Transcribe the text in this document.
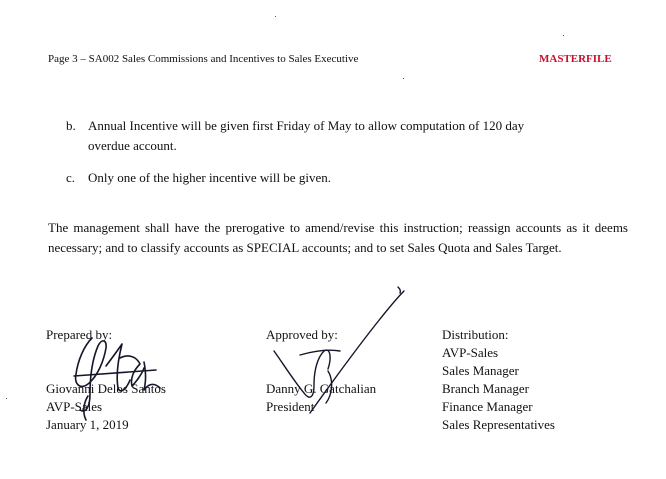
Page 3 – SA002 Sales Commissions and Incentives to Sales Executive	MASTERFILE
b. Annual Incentive will be given first Friday of May to allow computation of 120 day
overdue account.
c. Only one of the higher incentive will be given.
The management shall have the prerogative to amend/revise this instruction; reassign accounts as it deems necessary; and to classify accounts as SPECIAL accounts; and to set Sales Quota and Sales Target.
Prepared by:
Giovanni Delos Santos
AVP-Sales
January 1, 2019
Approved by:
Danny G. Gatchalian
President
Distribution:
AVP-Sales
Sales Manager
Branch Manager
Finance Manager
Sales Representatives
